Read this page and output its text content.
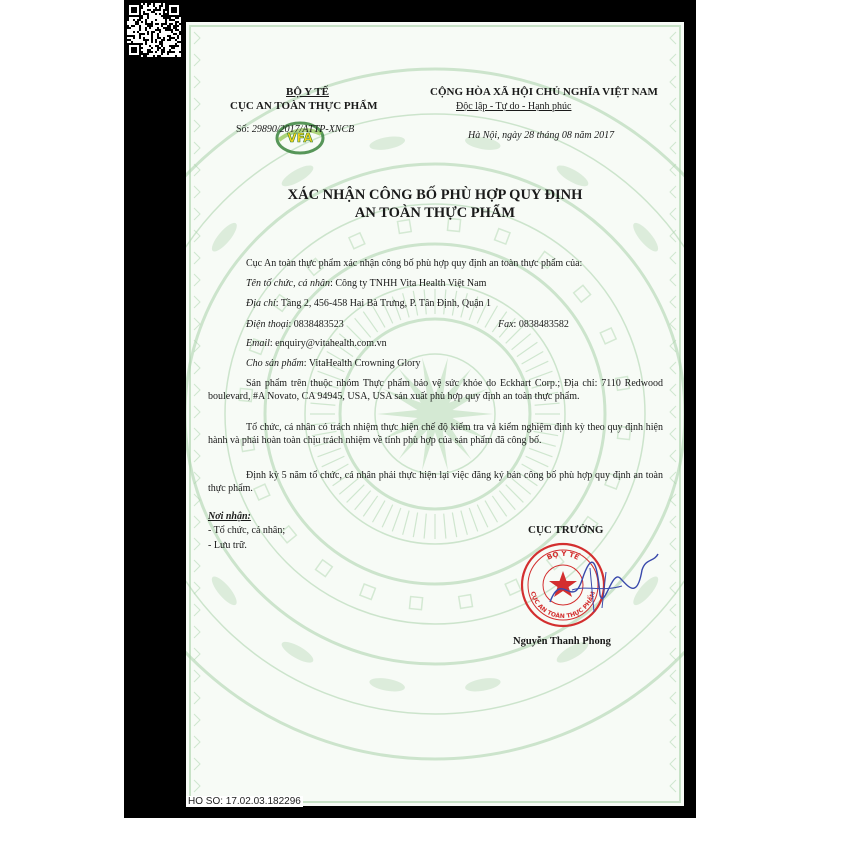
VFA
BỘ Y TẾ
CỤC AN TOÀN THỰC PHẨM
Số: 29890/2017/ATTP-XNCB
CỘNG HÒA XÃ HỘI CHỦ NGHĨA VIỆT NAM
Độc lập - Tự do - Hạnh phúc
Hà Nội, ngày 28 tháng 08 năm 2017
XÁC NHẬN CÔNG BỐ PHÙ HỢP QUY ĐỊNH
AN TOÀN THỰC PHẨM
Cục An toàn thực phẩm xác nhận công bố phù hợp quy định an toàn thực phẩm của:
Tên tổ chức, cá nhân: Công ty TNHH Vita Health Việt Nam
Địa chỉ: Tầng 2, 456-458 Hai Bà Trưng, P. Tân Định, Quận 1
Điện thoại: 0838483523	Fax: 0838483582
Email: enquiry@vitahealth.com.vn
Cho sản phẩm: VitaHealth Crowning Glory
Sản phẩm trên thuộc nhóm Thực phẩm bảo vệ sức khỏe do Eckhart Corp.; Địa chỉ: 7110 Redwood boulevard, #A Novato, CA 94945, USA, USA sản xuất phù hợp quy định an toàn thực phẩm.
Tổ chức, cá nhân có trách nhiệm thực hiện chế độ kiểm tra và kiểm nghiệm định kỳ theo quy định hiện hành và phải hoàn toàn chịu trách nhiệm về tính phù hợp của sản phẩm đã công bố.
Định kỳ 5 năm tổ chức, cá nhân phải thực hiện lại việc đăng ký bản công bố phù hợp quy định an toàn thực phẩm.
Nơi nhận:
- Tổ chức, cá nhân;
- Lưu trữ.
CỤC TRƯỞNG
BỘ Y TẾ
CỤC AN TOÀN THỰC PHẨM
Nguyễn Thanh Phong
HO SO: 17.02.03.182296
